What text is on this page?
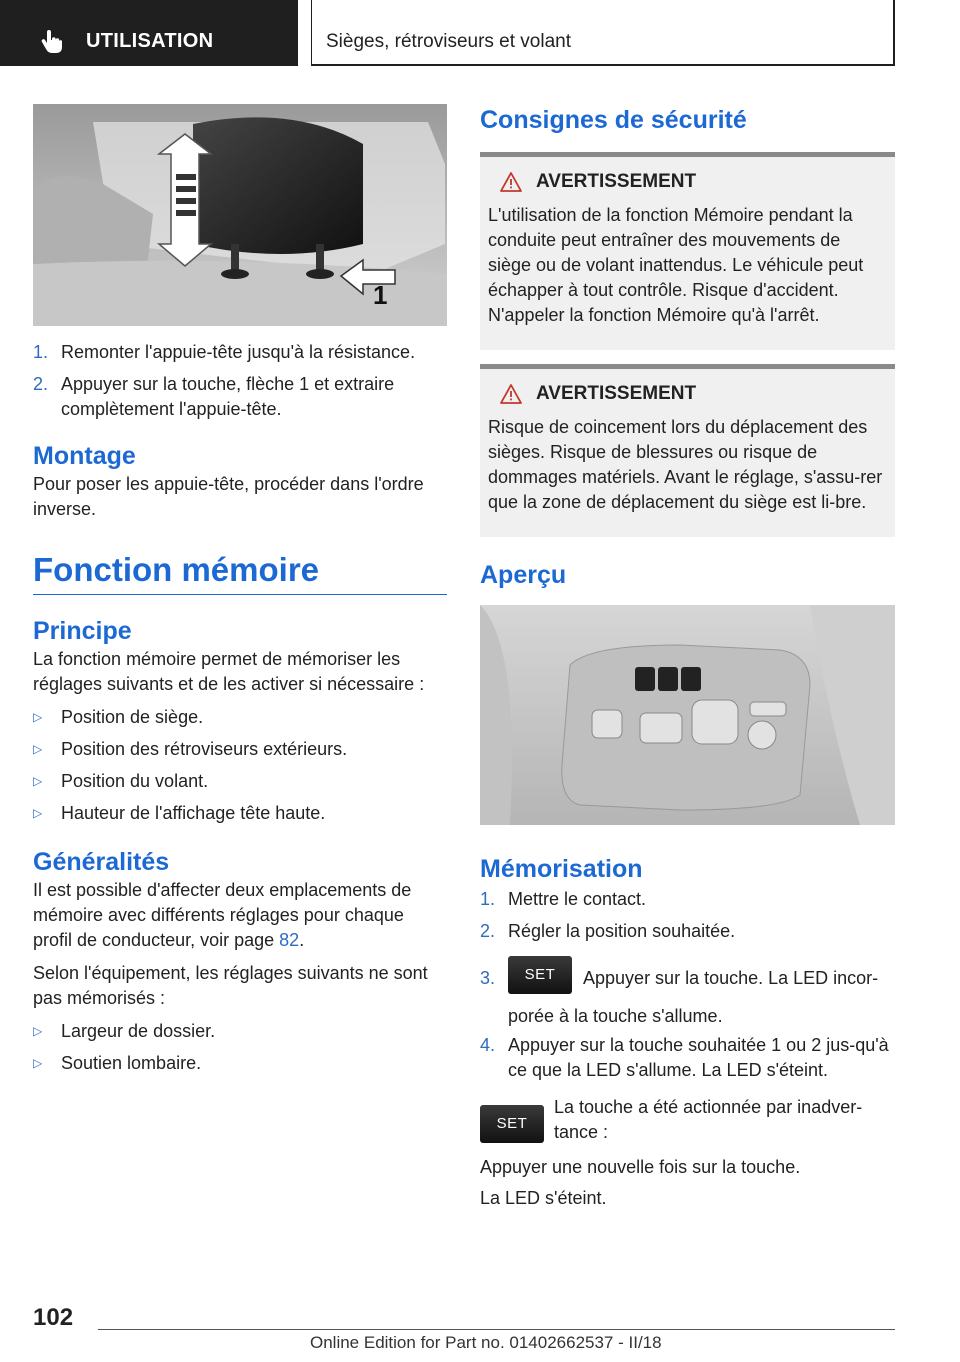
UTILISATION	Sièges, rétroviseurs et volant
1
1. Remonter l'appuie-tête jusqu'à la résistance.
2. Appuyer sur la touche, flèche 1 et extraire complètement l'appuie-tête.
Montage

Pour poser les appuie-tête, procéder dans l'ordre inverse.

Fonction mémoire
Principe

La fonction mémoire permet de mémoriser les réglages suivants et de les activer si nécessaire :

▷	Position de siège.
▷	Position des rétroviseurs extérieurs.
▷	Position du volant.
▷	Hauteur de l'affichage tête haute.
Généralités

Il est possible d'affecter deux emplacements de mémoire avec différents réglages pour chaque profil de conducteur, voir page 82.

Selon l'équipement, les réglages suivants ne sont pas mémorisés :

▷	Largeur de dossier.
▷	Soutien lombaire.
Consignes de sécurité
AVERTISSEMENT

L'utilisation de la fonction Mémoire pendant la conduite peut entraîner des mouvements de siège ou de volant inattendus. Le véhicule peut échapper à tout contrôle. Risque d'accident. N'appeler la fonction Mémoire qu'à l'arrêt.

AVERTISSEMENT

Risque de coincement lors du déplacement des sièges. Risque de blessures ou risque de dommages matériels. Avant le réglage, s'assu-rer que la zone de déplacement du siège est li-bre.

Aperçu
Mémorisation
1. Mettre le contact.
2. Régler la position souhaitée.
3.	SET Appuyer sur la touche. La LED incor-porée à la touche s'allume.
4. Appuyer sur la touche souhaitée 1 ou 2 jus-qu'à ce que la LED s'allume. La LED s'éteint.
SET

La touche a été actionnée par inadver-tance :

Appuyer une nouvelle fois sur la touche.

La LED s'éteint.

102
Online Edition for Part no. 01402662537 - II/18
